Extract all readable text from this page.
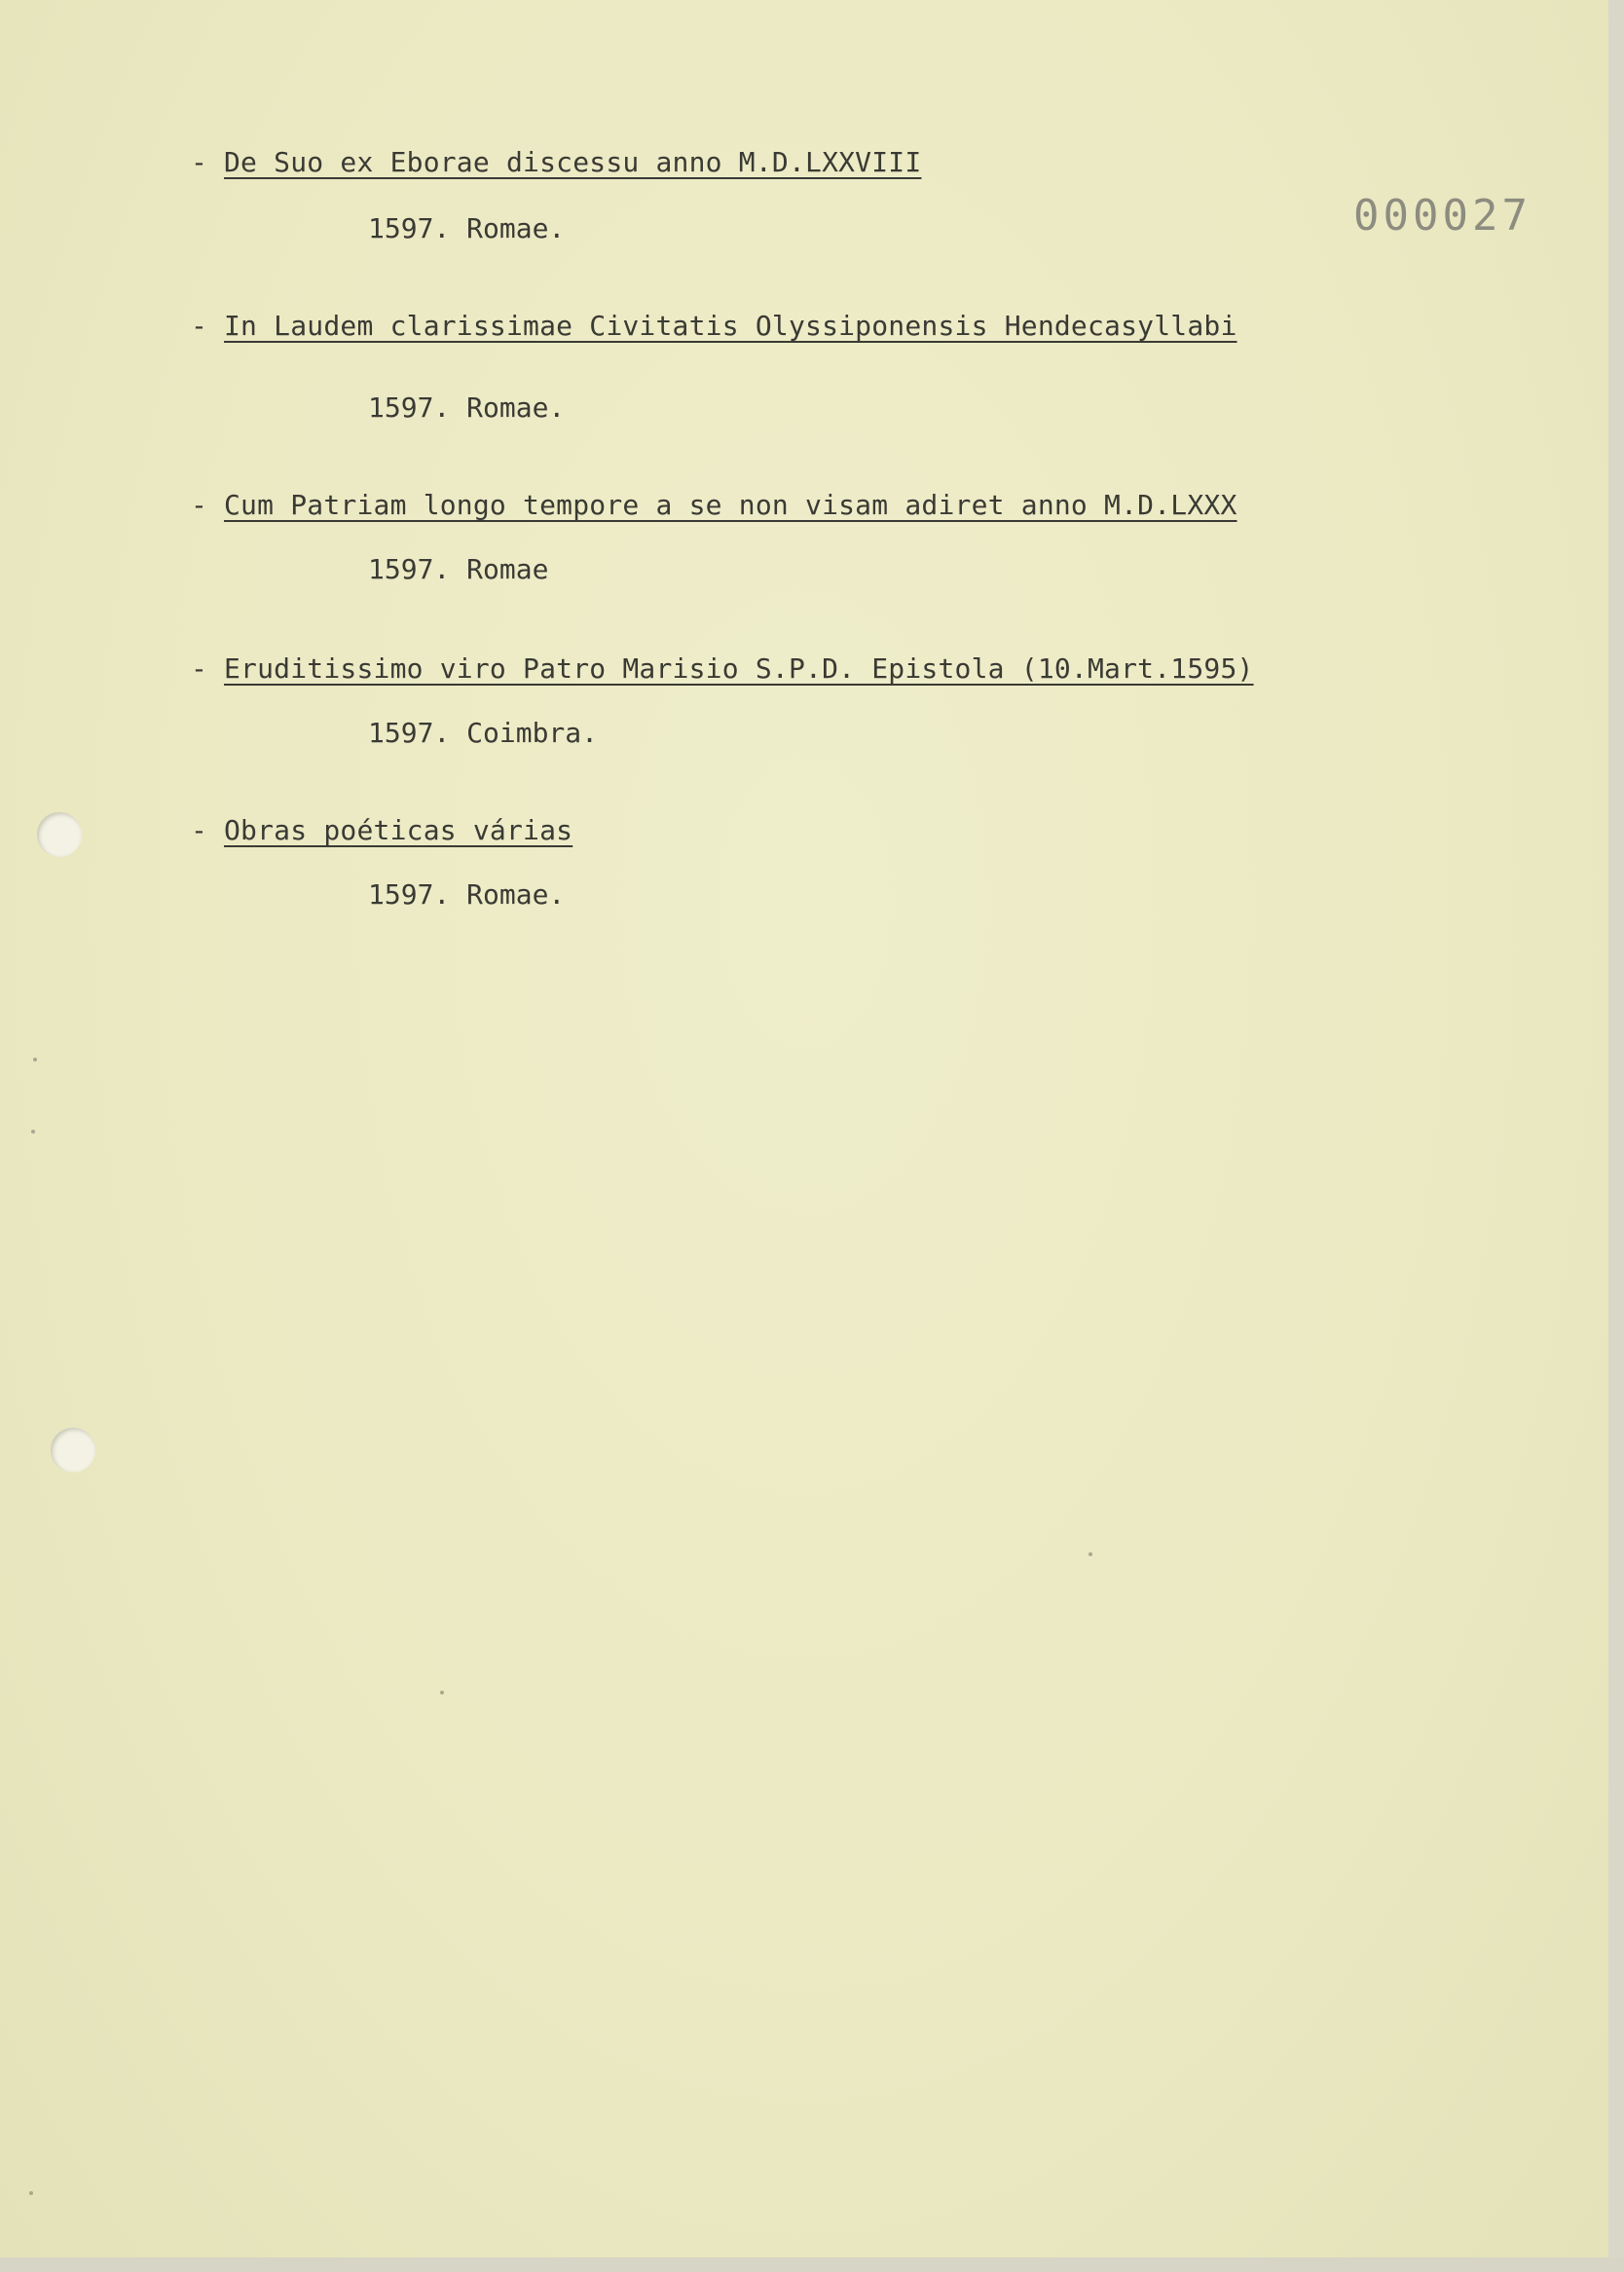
000027
- De Suo ex Eborae discessu anno M.D.LXXVIII
1597. Romae.
- In Laudem clarissimae Civitatis Olyssiponensis Hendecasyllabi
1597. Romae.
- Cum Patriam longo tempore a se non visam adiret anno M.D.LXXX
1597. Romae
- Eruditissimo viro Patro Marisio S.P.D. Epistola (10.Mart.1595)
1597. Coimbra.
- Obras poéticas várias
1597. Romae.
